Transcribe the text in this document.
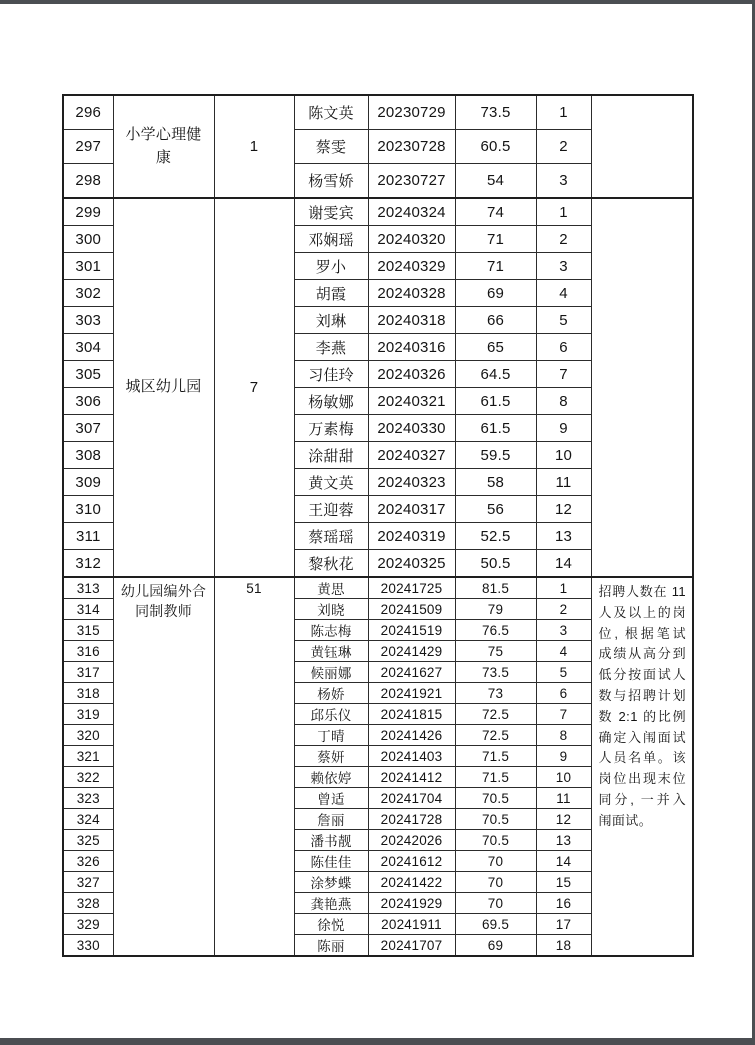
296	小学心理健康	1	陈文英	20230729	73.5	1	
297			蔡雯	20230728	60.5	2	
298			杨雪娇	20230727	54	3	
299	城区幼儿园	7	谢雯宾	20240324	74	1	
300			邓娴瑶	20240320	71	2	
301			罗小	20240329	71	3	
302			胡霞	20240328	69	4	
303			刘琳	20240318	66	5	
304			李燕	20240316	65	6	
305			习佳玲	20240326	64.5	7	
306			杨敏娜	20240321	61.5	8	
307			万素梅	20240330	61.5	9	
308			涂甜甜	20240327	59.5	10	
309			黄文英	20240323	58	11	
310			王迎蓉	20240317	56	12	
311			蔡瑶瑶	20240319	52.5	13	
312			黎秋花	20240325	50.5	14	
313	幼儿园编外合同制教师	51	黄思	20241725	81.5	1	招聘人数在 11 人及以上的岗位, 根据笔试成绩从高分到低分按面试人数与招聘计划数 2:1 的比例确定入闱面试人员名单。该岗位出现末位同分, 一并入闱面试。
314			刘晓	20241509	79	2	
315			陈志梅	20241519	76.5	3	
316			黄钰琳	20241429	75	4	
317			候丽娜	20241627	73.5	5	
318			杨娇	20241921	73	6	
319			邱乐仪	20241815	72.5	7	
320			丁晴	20241426	72.5	8	
321			蔡妍	20241403	71.5	9	
322			赖依婷	20241412	71.5	10	
323			曾适	20241704	70.5	11	
324			詹丽	20241728	70.5	12	
325			潘书靓	20242026	70.5	13	
326			陈佳佳	20241612	70	14	
327			涂梦蝶	20241422	70	15	
328			龚艳燕	20241929	70	16	
329			徐悦	20241911	69.5	17	
330			陈丽	20241707	69	18	
